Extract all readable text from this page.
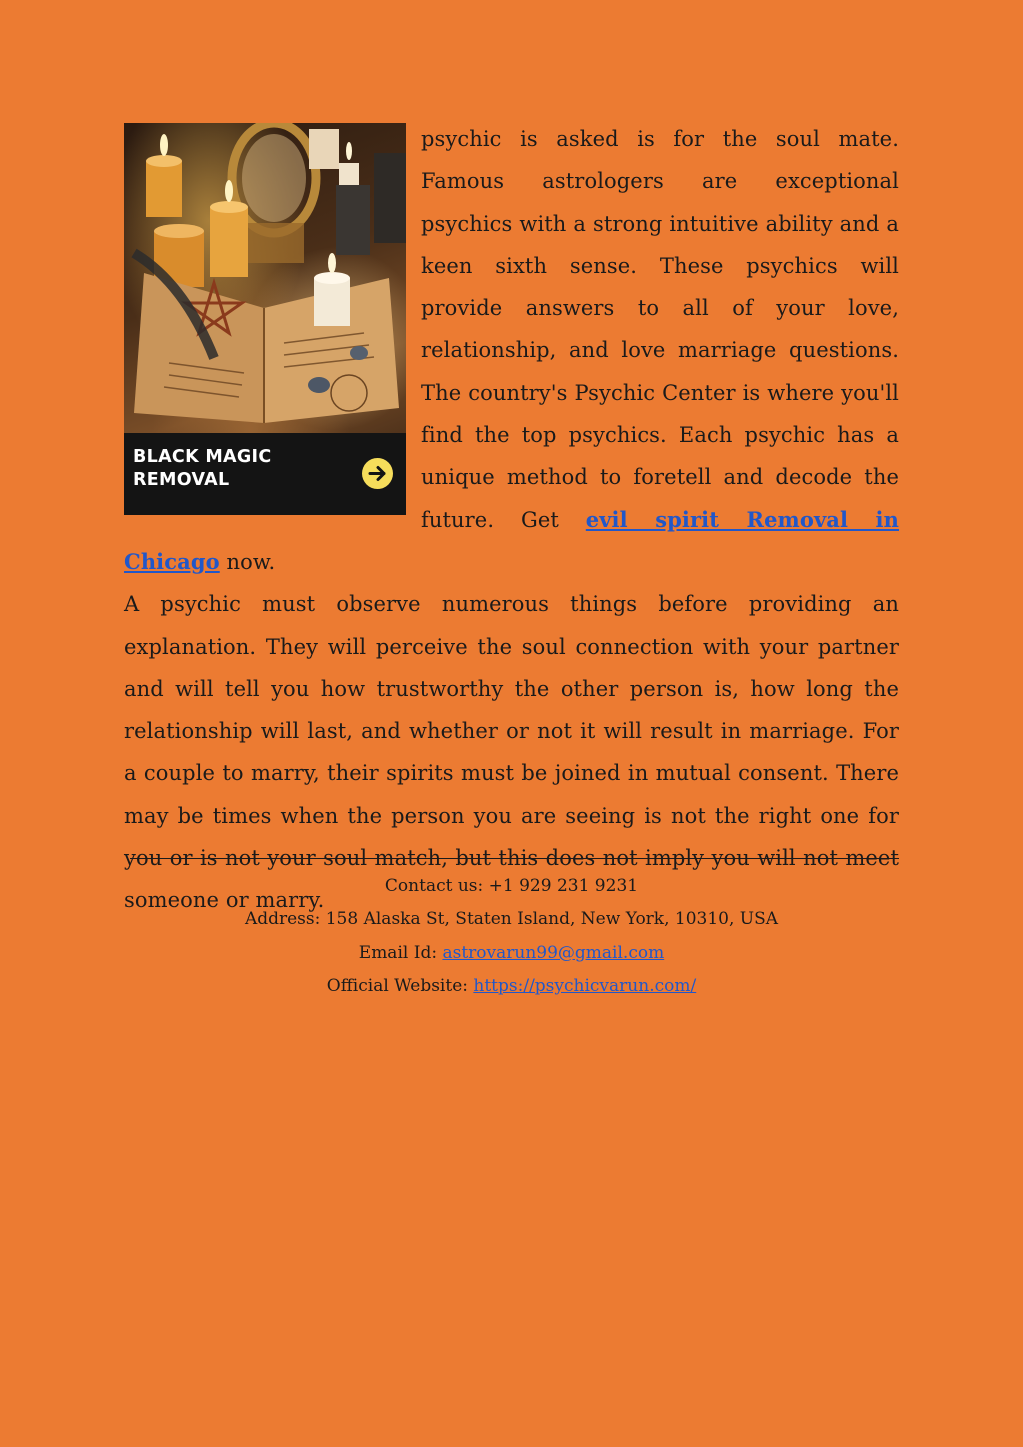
BLACK MAGIC
REMOVAL

psychic is asked is for the soul mate. Famous astrologers are exceptional psychics with a strong intuitive ability and a keen sixth sense. These psychics will provide answers to all of your love, relationship, and love marriage questions. The country's Psychic Center is where you'll find the top psychics. Each psychic has a unique method to foretell and decode the future. Get evil spirit Removal in Chicago now.

A psychic must observe numerous things before providing an explanation. They will perceive the soul connection with your partner and will tell you how trustworthy the other person is, how long the relationship will last, and whether or not it will result in marriage. For a couple to marry, their spirits must be joined in mutual consent. There may be times when the person you are seeing is not the right one for you or is not your soul match, but this does not imply you will not meet someone or marry.

Contact us: +1 929 231 9231

Address: 158 Alaska St, Staten Island, New York, 10310, USA

Email Id: astrovarun99@gmail.com

Official Website: https://psychicvarun.com/
